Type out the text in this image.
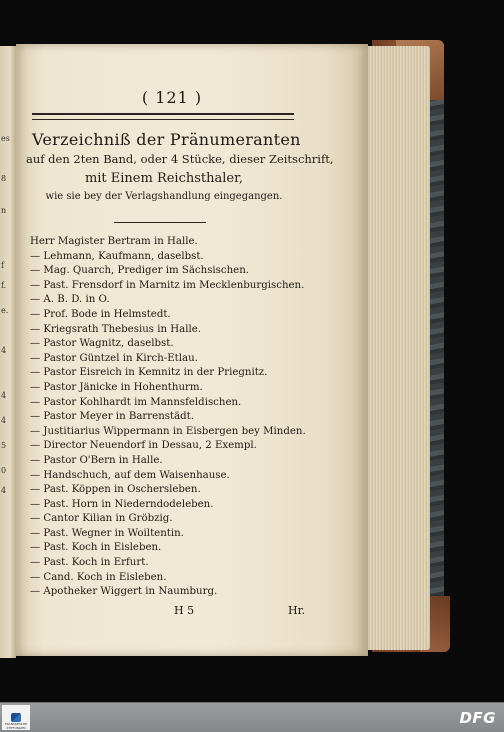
es
8
n
f
f.
e.
4
4
4
5
0
4
( 121 )
Verzeichniß der Pränumeranten
auf den 2ten Band, oder 4 Stücke, dieser Zeitschrift,
mit Einem Reichsthaler,
wie sie bey der Verlagshandlung eingegangen.
Herr Magister Bertram in Halle.
— Lehmann, Kaufmann, daselbst.
— Mag. Quarch, Prediger im Sächsischen.
— Past. Frensdorf in Marnitz im Mecklenburgischen.
— A. B. D. in O.
— Prof. Bode in Helmstedt.
— Kriegsrath Thebesius in Halle.
— Pastor Wagnitz, daselbst.
— Pastor Güntzel in Kirch-Etlau.
— Pastor Eisreich in Kemnitz in der Priegnitz.
— Pastor Jänicke in Hohenthurm.
— Pastor Kohlhardt im Mannsfeldischen.
— Pastor Meyer in Barrenstädt.
— Justitiarius Wippermann in Eisbergen bey Minden.
— Director Neuendorf in Dessau, 2 Exempl.
— Pastor O'Bern in Halle.
— Handschuch, auf dem Waisenhause.
— Past. Köppen in Oschersleben.
— Past. Horn in Niederndodeleben.
— Cantor Kilian in Gröbzig.
— Past. Wegner in Woiltentin.
— Past. Koch in Eisleben.
— Past. Koch in Erfurt.
— Cand. Koch in Eisleben.
— Apotheker Wiggert in Naumburg.
H 5	Hr.
FRANCKESCHE STIFTUNGEN
DFG
